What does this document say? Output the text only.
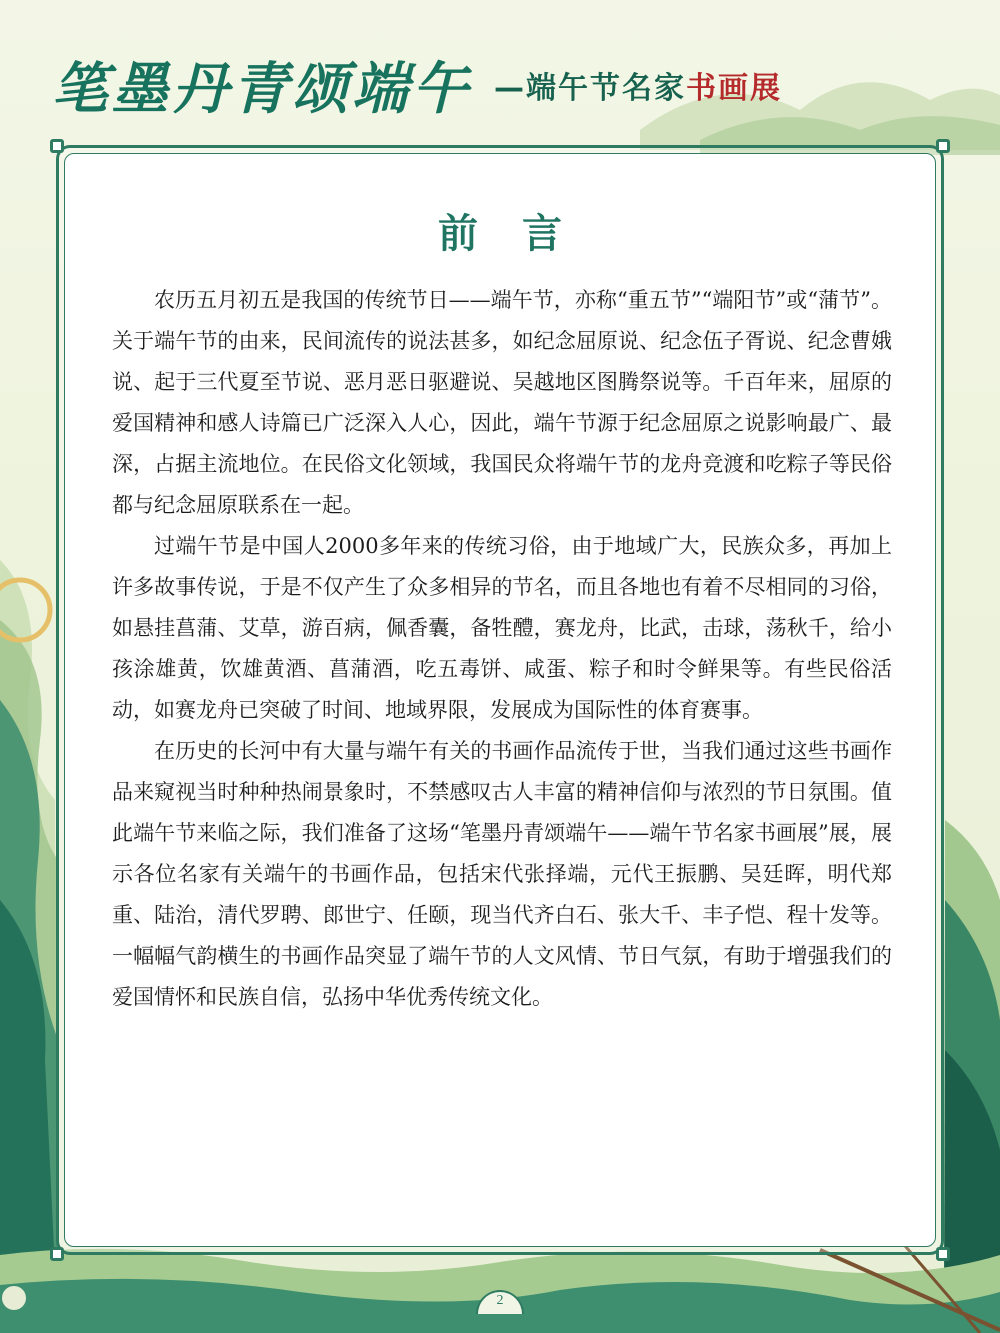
笔墨丹青颂端午 —端午节名家书画展
前言

农历五月初五是我国的传统节日——端午节，亦称“重五节”“端阳节”或“蒲节”。关于端午节的由来，民间流传的说法甚多，如纪念屈原说、纪念伍子胥说、纪念曹娥说、起于三代夏至节说、恶月恶日驱避说、吴越地区图腾祭说等。千百年来，屈原的爱国精神和感人诗篇已广泛深入人心，因此，端午节源于纪念屈原之说影响最广、最深，占据主流地位。在民俗文化领域，我国民众将端午节的龙舟竞渡和吃粽子等民俗都与纪念屈原联系在一起。

过端午节是中国人2000多年来的传统习俗，由于地域广大，民族众多，再加上许多故事传说，于是不仅产生了众多相异的节名，而且各地也有着不尽相同的习俗，如悬挂菖蒲、艾草，游百病，佩香囊，备牲醴，赛龙舟，比武，击球，荡秋千，给小孩涂雄黄，饮雄黄酒、菖蒲酒，吃五毒饼、咸蛋、粽子和时令鲜果等。有些民俗活动，如赛龙舟已突破了时间、地域界限，发展成为国际性的体育赛事。

在历史的长河中有大量与端午有关的书画作品流传于世，当我们通过这些书画作品来窥视当时种种热闹景象时，不禁感叹古人丰富的精神信仰与浓烈的节日氛围。值此端午节来临之际，我们准备了这场“笔墨丹青颂端午——端午节名家书画展”展，展示各位名家有关端午的书画作品，包括宋代张择端，元代王振鹏、吴廷晖，明代郑重、陆治，清代罗聘、郎世宁、任颐，现当代齐白石、张大千、丰子恺、程十发等。一幅幅气韵横生的书画作品突显了端午节的人文风情、节日气氛，有助于增强我们的爱国情怀和民族自信，弘扬中华优秀传统文化。

2
